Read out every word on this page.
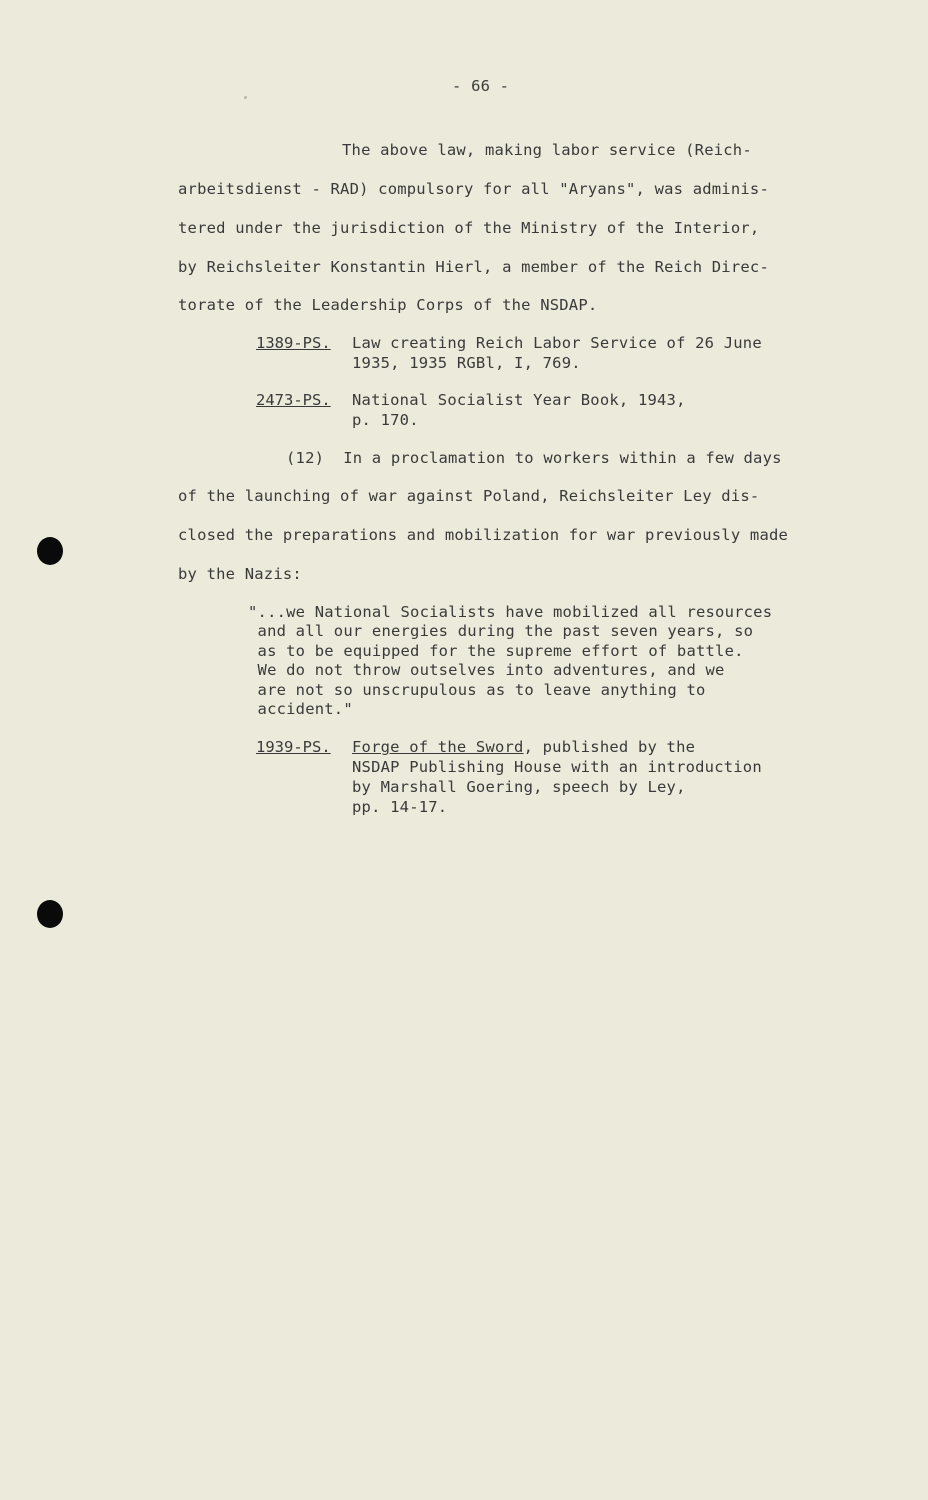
- 66 -
The above law, making labor service (Reich-
arbeitsdienst - RAD) compulsory for all "Aryans", was adminis-
tered under the jurisdiction of the Ministry of the Interior,
by Reichsleiter Konstantin Hierl, a member of the Reich Direc-
torate of the Leadership Corps of the NSDAP.
1389-PS. Law creating Reich Labor Service of 26 June
1935, 1935 RGBl, I, 769.
2473-PS. National Socialist Year Book, 1943,
p. 170.
(12)  In a proclamation to workers within a few days
of the launching of war against Poland, Reichsleiter Ley dis-
closed the preparations and mobilization for war previously made
by the Nazis:
"...we National Socialists have mobilized all resources
and all our energies during the past seven years, so
as to be equipped for the supreme effort of battle.
We do not throw outselves into adventures, and we
are not so unscrupulous as to leave anything to
accident."
1939-PS. Forge of the Sword, published by the
NSDAP Publishing House with an introduction
by Marshall Goering, speech by Ley,
pp. 14-17.
